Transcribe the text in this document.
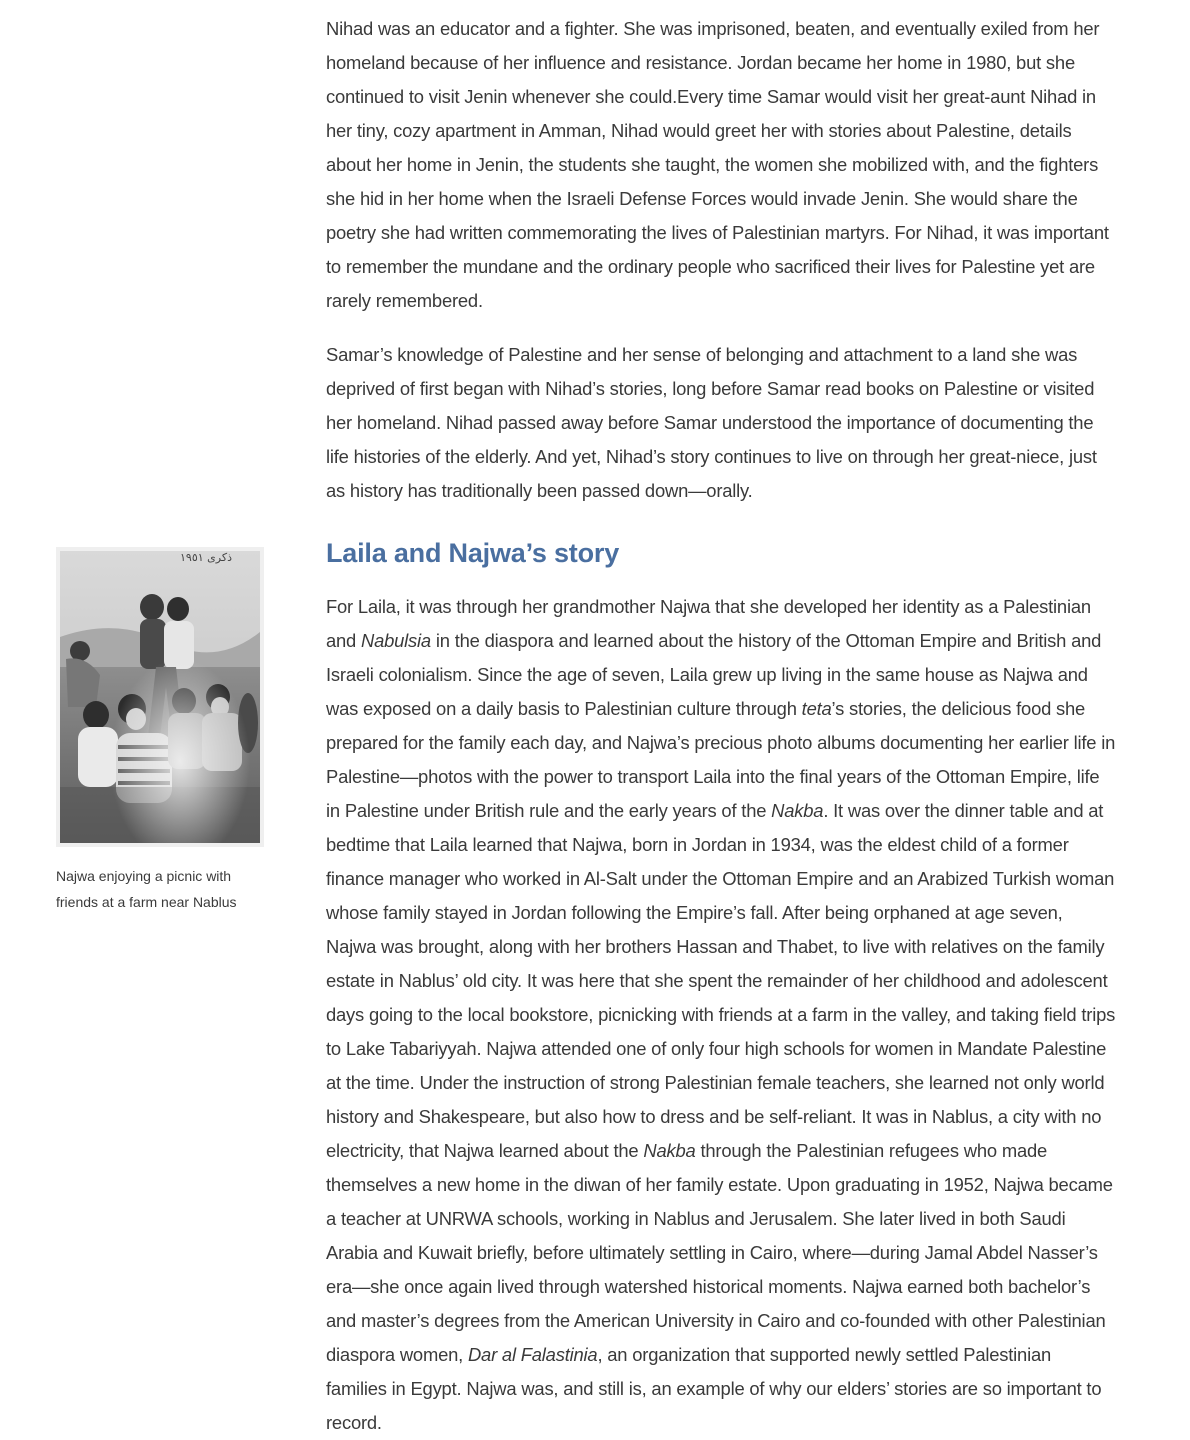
Nihad was an educator and a fighter. She was imprisoned, beaten, and eventually exiled from her homeland because of her influence and resistance. Jordan became her home in 1980, but she continued to visit Jenin whenever she could.Every time Samar would visit her great-aunt Nihad in her tiny, cozy apartment in Amman, Nihad would greet her with stories about Palestine, details about her home in Jenin, the students she taught, the women she mobilized with, and the fighters she hid in her home when the Israeli Defense Forces would invade Jenin. She would share the poetry she had written commemorating the lives of Palestinian martyrs. For Nihad, it was important to remember the mundane and the ordinary people who sacrificed their lives for Palestine yet are rarely remembered.

Samar’s knowledge of Palestine and her sense of belonging and attachment to a land she was deprived of first began with Nihad’s stories, long before Samar read books on Palestine or visited her homeland. Nihad passed away before Samar understood the importance of documenting the life histories of the elderly. And yet, Nihad’s story continues to live on through her great-niece, just as history has traditionally been passed down—orally.

Laila and Najwa’s story

For Laila, it was through her grandmother Najwa that she developed her identity as a Palestinian and Nabulsia in the diaspora and learned about the history of the Ottoman Empire and British and Israeli colonialism. Since the age of seven, Laila grew up living in the same house as Najwa and was exposed on a daily basis to Palestinian culture through teta’s stories, the delicious food she prepared for the family each day, and Najwa’s precious photo albums documenting her earlier life in Palestine—photos with the power to transport Laila into the final years of the Ottoman Empire, life in Palestine under British rule and the early years of the Nakba. It was over the dinner table and at bedtime that Laila learned that Najwa, born in Jordan in 1934, was the eldest child of a former finance manager who worked in Al-Salt under the Ottoman Empire and an Arabized Turkish woman whose family stayed in Jordan following the Empire’s fall. After being orphaned at age seven, Najwa was brought, along with her brothers Hassan and Thabet, to live with relatives on the family estate in Nablus’ old city. It was here that she spent the remainder of her childhood and adolescent days going to the local bookstore, picnicking with friends at a farm in the valley, and taking field trips to Lake Tabariyyah. Najwa attended one of only four high schools for women in Mandate Palestine at the time. Under the instruction of strong Palestinian female teachers, she learned not only world history and Shakespeare, but also how to dress and be self-reliant. It was in Nablus, a city with no electricity, that Najwa learned about the Nakba through the Palestinian refugees who made themselves a new home in the diwan of her family estate. Upon graduating in 1952, Najwa became a teacher at UNRWA schools, working in Nablus and Jerusalem. She later lived in both Saudi Arabia and Kuwait briefly, before ultimately settling in Cairo, where—during Jamal Abdel Nasser’s era—she once again lived through watershed historical moments. Najwa earned both bachelor’s and master’s degrees from the American University in Cairo and co-founded with other Palestinian diaspora women, Dar al Falastinia, an organization that supported newly settled Palestinian families in Egypt. Najwa was, and still is, an example of why our elders’ stories are so important to record.

ذكرى ١٩٥١
Najwa enjoying a picnic with friends at a farm near Nablus
